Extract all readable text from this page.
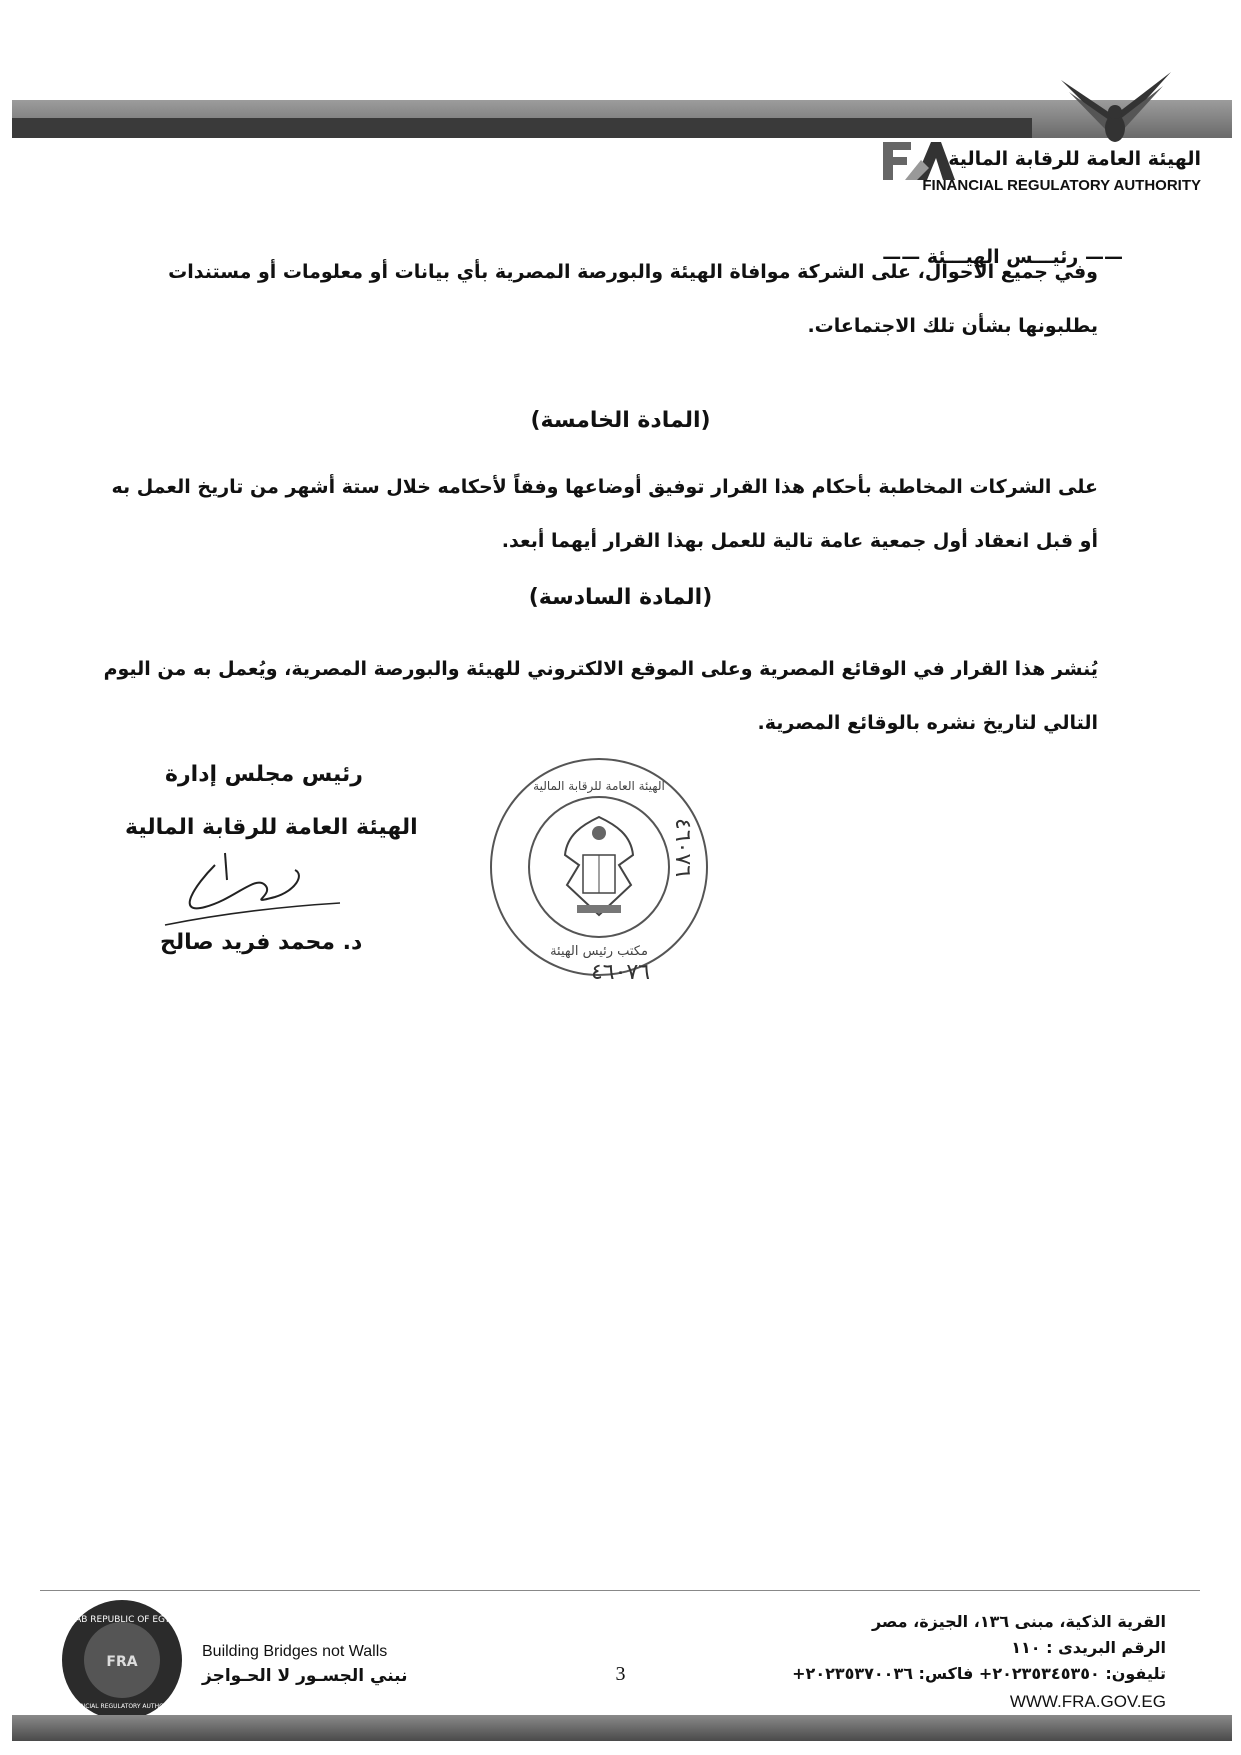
الهيئة العامة للرقابة المالية
FINANCIAL REGULATORY AUTHORITY
—— رئيـــس الهيـــئة ——
وفي جميع الأحوال، على الشركة موافاة الهيئة والبورصة المصرية بأي بيانات أو معلومات أو مستندات يطلبونها بشأن تلك الاجتماعات.
(المادة الخامسة)
على الشركات المخاطبة بأحكام هذا القرار توفيق أوضاعها وفقاً لأحكامه خلال ستة أشهر من تاريخ العمل به أو قبل انعقاد أول جمعية عامة تالية للعمل بهذا القرار أيهما أبعد.
(المادة السادسة)
يُنشر هذا القرار في الوقائع المصرية وعلى الموقع الالكتروني للهيئة والبورصة المصرية، ويُعمل به من اليوم التالي لتاريخ نشره بالوقائع المصرية.
رئيس مجلس إدارة
الهيئة العامة للرقابة المالية
د. محمد فريد صالح
الهيئة العامة للرقابة المالية
مكتب رئيس الهيئة
٤٦٠٧٦
٤٦٠٧٦
ARAB REPUBLIC OF EGYPT
FINANCIAL REGULATORY AUTHORITY
FRA
Building Bridges not Walls
نبني الجسـور لا الحـواجز	3
القرية الذكية، مبنى ١٣٦، الجيزة، مصر
الرقم البريدى : ١١٠
تليفون: ٢٠٢٣٥٣٤٥٣٥٠+ فاكس: ٢٠٢٣٥٣٧٠٠٣٦+
WWW.FRA.GOV.EG
